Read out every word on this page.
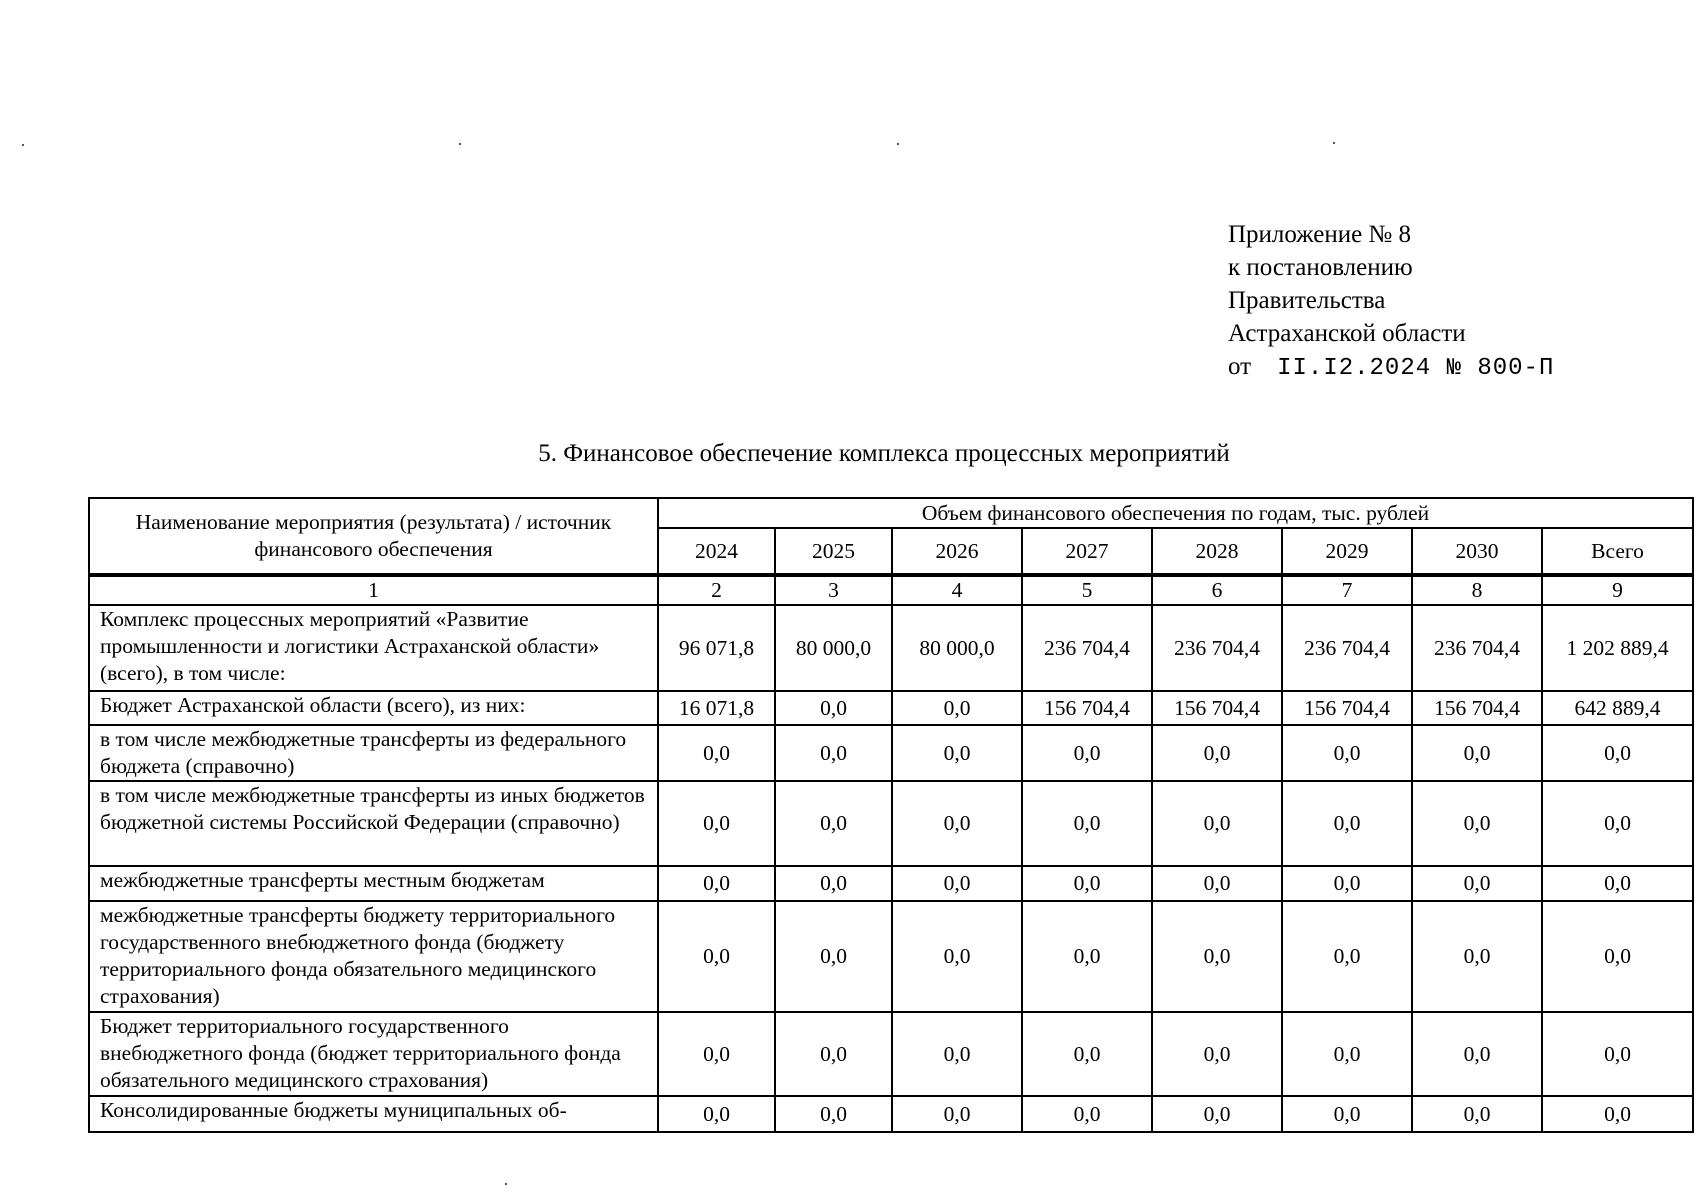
Приложение № 8
к постановлению
Правительства
Астраханской области
от II.I2.2024 № 800-П
5. Финансовое обеспечение комплекса процессных мероприятий
Наименование мероприятия (результата) / источник финансового обеспечения	Объем финансового обеспечения по годам, тыс. рублей							
	2024	2025	2026	2027	2028	2029	2030	Всего
1	2	3	4	5	6	7	8	9
Комплекс процессных мероприятий «Развитие промышленности и логистики Астраханской области» (всего), в том числе:	96 071,8	80 000,0	80 000,0	236 704,4	236 704,4	236 704,4	236 704,4	1 202 889,4
Бюджет Астраханской области (всего), из них:	16 071,8	0,0	0,0	156 704,4	156 704,4	156 704,4	156 704,4	642 889,4
в том числе межбюджетные трансферты из федерального бюджета (справочно)	0,0	0,0	0,0	0,0	0,0	0,0	0,0	0,0
в том числе межбюджетные трансферты из иных бюджетов бюджетной системы Российской Федерации (справочно)	0,0	0,0	0,0	0,0	0,0	0,0	0,0	0,0
межбюджетные трансферты местным бюджетам	0,0	0,0	0,0	0,0	0,0	0,0	0,0	0,0
межбюджетные трансферты бюджету территориального государственного внебюджетного фонда (бюджету территориального фонда обязательного медицинского страхования)	0,0	0,0	0,0	0,0	0,0	0,0	0,0	0,0
Бюджет территориального государственного внебюджетного фонда (бюджет территориального фонда обязательного медицинского страхования)	0,0	0,0	0,0	0,0	0,0	0,0	0,0	0,0
Консолидированные бюджеты муниципальных об-	0,0	0,0	0,0	0,0	0,0	0,0	0,0	0,0
